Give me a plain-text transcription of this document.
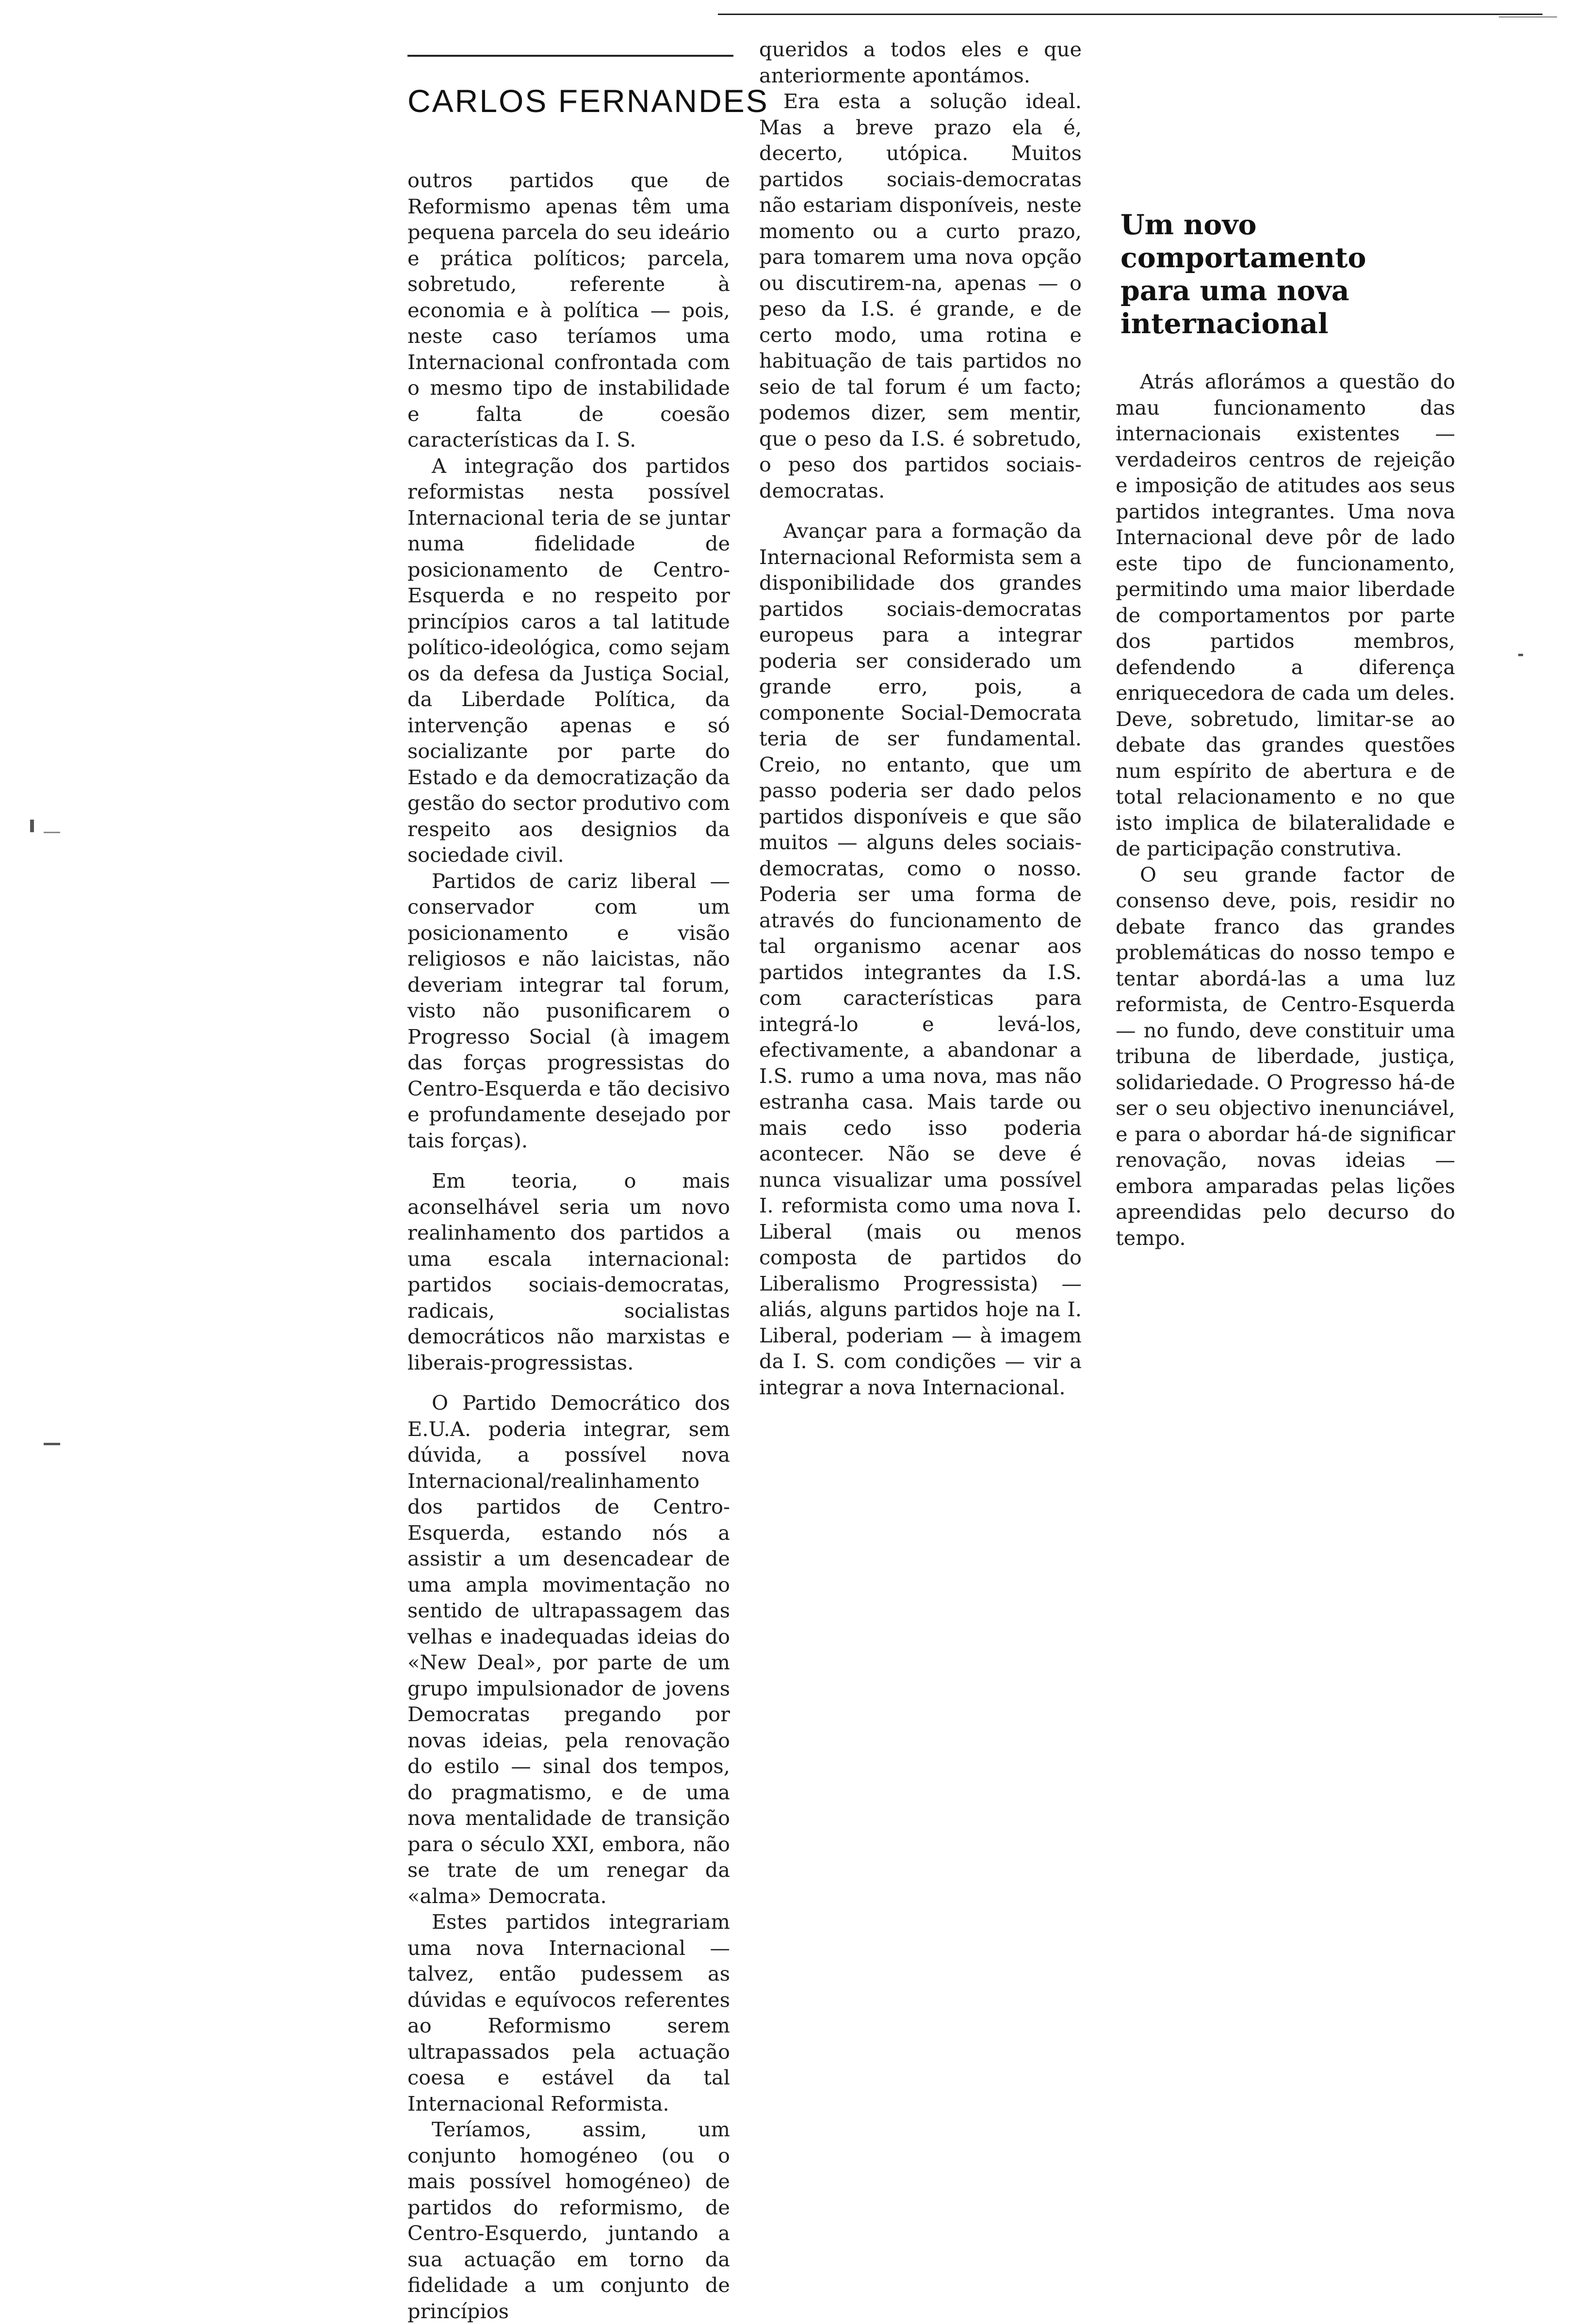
CARLOS FERNANDES

outros partidos que de Reformismo apenas têm uma pequena parcela do seu ideário e prática políticos; parcela, sobretudo, referente à economia e à política — pois, neste caso teríamos uma Internacional confrontada com o mesmo tipo de instabilidade e falta de coesão características da I. S.

A integração dos partidos reformistas nesta possível Internacional teria de se juntar numa fidelidade de posicionamento de Centro-Esquerda e no respeito por princípios caros a tal latitude político-ideológica, como sejam os da defesa da Justiça Social, da Liberdade Política, da intervenção apenas e só socializante por parte do Estado e da democratização da gestão do sector produtivo com respeito aos designios da sociedade civil.

Partidos de cariz liberal — conservador com um posicionamento e visão religiosos e não laicistas, não deveriam integrar tal forum, visto não pusonificarem o Progresso Social (à imagem das forças progressistas do Centro-Esquerda e tão decisivo e profundamente desejado por tais forças).

Em teoria, o mais aconselhável seria um novo realinhamento dos partidos a uma escala internacional: partidos sociais-democratas, radicais, socialistas democráticos não marxistas e liberais-progressistas.

O Partido Democrático dos E.U.A. poderia integrar, sem dúvida, a possível nova Internacional/realinhamento dos partidos de Centro-Esquerda, estando nós a assistir a um desencadear de uma ampla movimentação no sentido de ultrapassagem das velhas e inadequadas ideias do «New Deal», por parte de um grupo impulsionador de jovens Democratas pregando por novas ideias, pela renovação do estilo — sinal dos tempos, do pragmatismo, e de uma nova mentalidade de transição para o século XXI, embora, não se trate de um renegar da «alma» Democrata.

Estes partidos integrariam uma nova Internacional — talvez, então pudessem as dúvidas e equívocos referentes ao Reformismo serem ultrapassados pela actuação coesa e estável da tal Internacional Reformista.

Teríamos, assim, um conjunto homogéneo (ou o mais possível homogéneo) de partidos do reformismo, de Centro-Esquerdo, juntando a sua actuação em torno da fidelidade a um conjunto de princípios

queridos a todos eles e que anteriormente apontámos.

Era esta a solução ideal. Mas a breve prazo ela é, decerto, utópica. Muitos partidos sociais-democratas não estariam disponíveis, neste momento ou a curto prazo, para tomarem uma nova opção ou discutirem-na, apenas — o peso da I.S. é grande, e de certo modo, uma rotina e habituação de tais partidos no seio de tal forum é um facto; podemos dizer, sem mentir, que o peso da I.S. é sobretudo, o peso dos partidos sociais-democratas.

Avançar para a formação da Internacional Reformista sem a disponibilidade dos grandes partidos sociais-democratas europeus para a integrar poderia ser considerado um grande erro, pois, a componente Social-Democrata teria de ser fundamental. Creio, no entanto, que um passo poderia ser dado pelos partidos disponíveis e que são muitos — alguns deles sociais-democratas, como o nosso. Poderia ser uma forma de através do funcionamento de tal organismo acenar aos partidos integrantes da I.S. com características para integrá-lo e levá-los, efectivamente, a abandonar a I.S. rumo a uma nova, mas não estranha casa. Mais tarde ou mais cedo isso poderia acontecer. Não se deve é nunca visualizar uma possível I. reformista como uma nova I. Liberal (mais ou menos composta de partidos do Liberalismo Progressista) — aliás, alguns partidos hoje na I. Liberal, poderiam — à imagem da I. S. com condições — vir a integrar a nova Internacional.

Um novo comportamento para uma nova internacional

Atrás aflorámos a questão do mau funcionamento das internacionais existentes — verdadeiros centros de rejeição e imposição de atitudes aos seus partidos integrantes. Uma nova Internacional deve pôr de lado este tipo de funcionamento, permitindo uma maior liberdade de comportamentos por parte dos partidos membros, defendendo a diferença enriquecedora de cada um deles. Deve, sobretudo, limitar-se ao debate das grandes questões num espírito de abertura e de total relacionamento e no que isto implica de bilateralidade e de participação construtiva.

O seu grande factor de consenso deve, pois, residir no debate franco das grandes problemáticas do nosso tempo e tentar abordá-las a uma luz reformista, de Centro-Esquerda — no fundo, deve constituir uma tribuna de liberdade, justiça, solidariedade. O Progresso há-de ser o seu objectivo inenunciável, e para o abordar há-de significar renovação, novas ideias — embora amparadas pelas lições apreendidas pelo decurso do tempo.
